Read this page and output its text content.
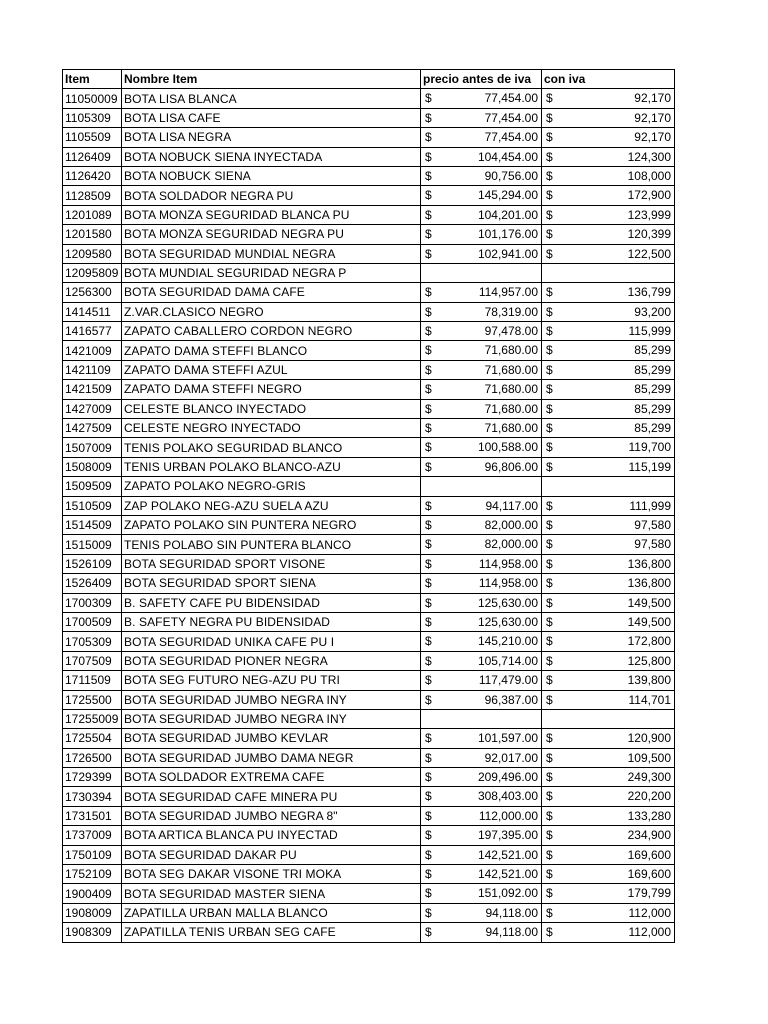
Item	Nombre Item	precio antes de iva	con iva
11050009	BOTA LISA BLANCA	$ 77,454.00	$ 92,170

1105309	BOTA LISA CAFE	$ 77,454.00	$ 92,170

1105509	BOTA LISA NEGRA	$ 77,454.00	$ 92,170

1126409	BOTA NOBUCK SIENA INYECTADA	$ 104,454.00	$ 124,300

1126420	BOTA NOBUCK SIENA	$ 90,756.00	$ 108,000

1128509	BOTA SOLDADOR NEGRA PU	$ 145,294.00	$ 172,900

1201089	BOTA MONZA SEGURIDAD BLANCA PU	$ 104,201.00	$ 123,999

1201580	BOTA MONZA SEGURIDAD NEGRA PU	$ 101,176.00	$ 120,399

1209580	BOTA SEGURIDAD MUNDIAL NEGRA	$ 102,941.00	$ 122,500

12095809	BOTA MUNDIAL SEGURIDAD NEGRA P		
1256300	BOTA SEGURIDAD DAMA CAFE	$ 114,957.00	$ 136,799

1414511	Z.VAR.CLASICO NEGRO	$ 78,319.00	$ 93,200

1416577	ZAPATO CABALLERO CORDON NEGRO	$ 97,478.00	$ 115,999

1421009	ZAPATO DAMA STEFFI BLANCO	$ 71,680.00	$ 85,299

1421109	ZAPATO DAMA STEFFI AZUL	$ 71,680.00	$ 85,299

1421509	ZAPATO DAMA STEFFI NEGRO	$ 71,680.00	$ 85,299

1427009	CELESTE BLANCO INYECTADO	$ 71,680.00	$ 85,299

1427509	CELESTE NEGRO INYECTADO	$ 71,680.00	$ 85,299

1507009	TENIS POLAKO SEGURIDAD BLANCO	$ 100,588.00	$ 119,700

1508009	TENIS URBAN POLAKO BLANCO-AZU	$ 96,806.00	$ 115,199

1509509	ZAPATO POLAKO NEGRO-GRIS		
1510509	ZAP POLAKO NEG-AZU SUELA AZU	$ 94,117.00	$ 111,999

1514509	ZAPATO POLAKO SIN PUNTERA NEGRO	$ 82,000.00	$ 97,580

1515009	TENIS POLABO SIN PUNTERA BLANCO	$ 82,000.00	$ 97,580

1526109	BOTA SEGURIDAD SPORT VISONE	$ 114,958.00	$ 136,800

1526409	BOTA SEGURIDAD SPORT SIENA	$ 114,958.00	$ 136,800

1700309	B. SAFETY CAFE PU BIDENSIDAD	$ 125,630.00	$ 149,500

1700509	B. SAFETY NEGRA PU BIDENSIDAD	$ 125,630.00	$ 149,500

1705309	BOTA SEGURIDAD UNIKA CAFE PU I	$ 145,210.00	$ 172,800

1707509	BOTA SEGURIDAD PIONER NEGRA	$ 105,714.00	$ 125,800

1711509	BOTA SEG FUTURO NEG-AZU PU TRI	$ 117,479.00	$ 139,800

1725500	BOTA SEGURIDAD JUMBO NEGRA INY	$ 96,387.00	$ 114,701

17255009	BOTA SEGURIDAD JUMBO NEGRA INY		
1725504	BOTA SEGURIDAD JUMBO KEVLAR	$ 101,597.00	$ 120,900

1726500	BOTA SEGURIDAD JUMBO DAMA NEGR	$ 92,017.00	$ 109,500

1729399	BOTA SOLDADOR EXTREMA CAFE	$ 209,496.00	$ 249,300

1730394	BOTA SEGURIDAD CAFE MINERA PU	$ 308,403.00	$ 220,200

1731501	BOTA SEGURIDAD JUMBO NEGRA 8"	$ 112,000.00	$ 133,280

1737009	BOTA ARTICA BLANCA PU INYECTAD	$ 197,395.00	$ 234,900

1750109	BOTA SEGURIDAD DAKAR PU	$ 142,521.00	$ 169,600

1752109	BOTA SEG DAKAR VISONE TRI MOKA	$ 142,521.00	$ 169,600

1900409	BOTA SEGURIDAD MASTER SIENA	$ 151,092.00	$ 179,799

1908009	ZAPATILLA URBAN MALLA BLANCO	$ 94,118.00	$ 112,000

1908309	ZAPATILLA TENIS URBAN SEG CAFE	$ 94,118.00	$ 112,000
